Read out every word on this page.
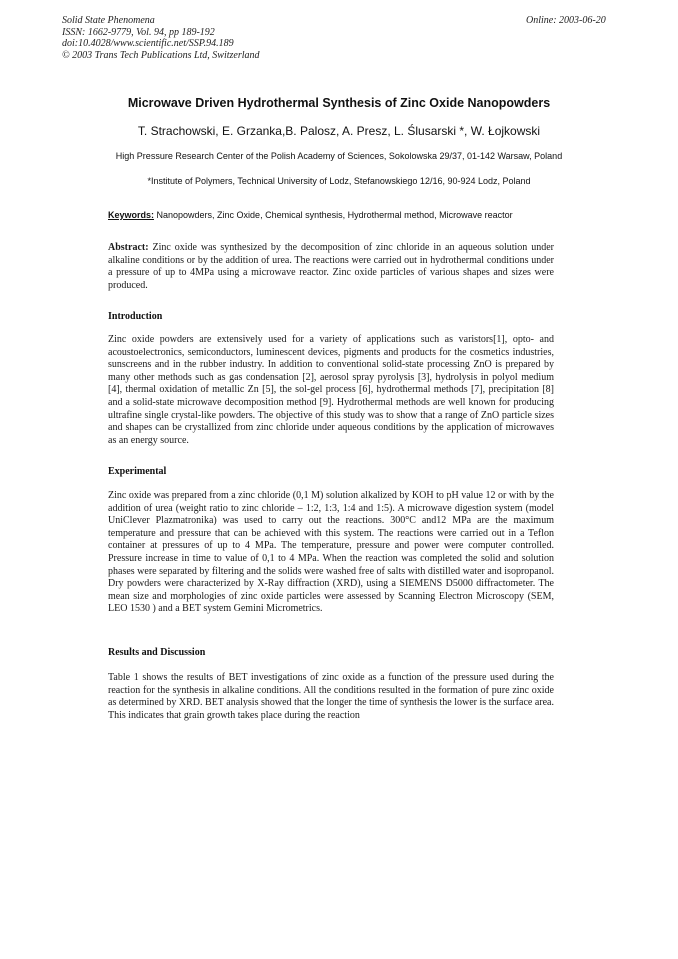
Solid State Phenomena
ISSN: 1662-9779, Vol. 94, pp 189-192
doi:10.4028/www.scientific.net/SSP.94.189
© 2003 Trans Tech Publications Ltd, Switzerland
Online: 2003-06-20
Microwave Driven Hydrothermal Synthesis of Zinc Oxide Nanopowders
T. Strachowski, E. Grzanka,B. Palosz, A. Presz, L. Ślusarski *, W. Łojkowski
High Pressure Research Center of the Polish Academy of Sciences, Sokolowska 29/37, 01-142 Warsaw, Poland
*Institute of Polymers, Technical University of Lodz, Stefanowskiego 12/16, 90-924 Lodz, Poland
Keywords: Nanopowders, Zinc Oxide, Chemical synthesis, Hydrothermal method, Microwave reactor
Abstract: Zinc oxide was synthesized by the decomposition of zinc chloride in an aqueous solution under alkaline conditions or by the addition of urea. The reactions were carried out in hydrothermal conditions under a pressure of up to 4MPa using a microwave reactor. Zinc oxide particles of various shapes and sizes were produced.
Introduction
Zinc oxide powders are extensively used for a variety of applications such as varistors[1], opto- and acoustoelectronics, semiconductors, luminescent devices, pigments and products for the cosmetics industries, sunscreens and in the rubber industry. In addition to conventional solid-state processing ZnO is prepared by many other methods such as gas condensation [2], aerosol spray pyrolysis [3], hydrolysis in polyol medium [4], thermal oxidation of metallic Zn [5], the sol-gel process [6], hydrothermal methods [7], precipitation [8] and a solid-state microwave decomposition method [9]. Hydrothermal methods are well known for producing ultrafine single crystal-like powders. The objective of this study was to show that a range of ZnO particle sizes and shapes can be crystallized from zinc chloride under aqueous conditions by the application of microwaves as an energy source.
Experimental
Zinc oxide was prepared from a zinc chloride (0,1 M) solution alkalized by KOH to pH value 12 or with by the addition of urea (weight ratio to zinc chloride – 1:2, 1:3, 1:4 and 1:5). A microwave digestion system (model UniClever Plazmatronika) was used to carry out the reactions. 300°C and12 MPa are the maximum temperature and pressure that can be achieved with this system. The reactions were carried out in a Teflon container at pressures of up to 4 MPa. The temperature, pressure and power were computer controlled. Pressure increase in time to value of 0,1 to 4 MPa. When the reaction was completed the solid and solution phases were separated by filtering and the solids were washed free of salts with distilled water and isopropanol. Dry powders were characterized by X-Ray diffraction (XRD), using a SIEMENS D5000 diffractometer. The mean size and morphologies of zinc oxide particles were assessed by Scanning Electron Microscopy (SEM, LEO 1530 ) and a BET system Gemini Micrometrics.
Results and Discussion
Table 1 shows the results of BET investigations of zinc oxide as a function of the pressure used during the reaction for the synthesis in alkaline conditions. All the conditions resulted in the formation of pure zinc oxide as determined by XRD. BET analysis showed that the longer the time of synthesis the lower is the surface area. This indicates that grain growth takes place during the reaction
